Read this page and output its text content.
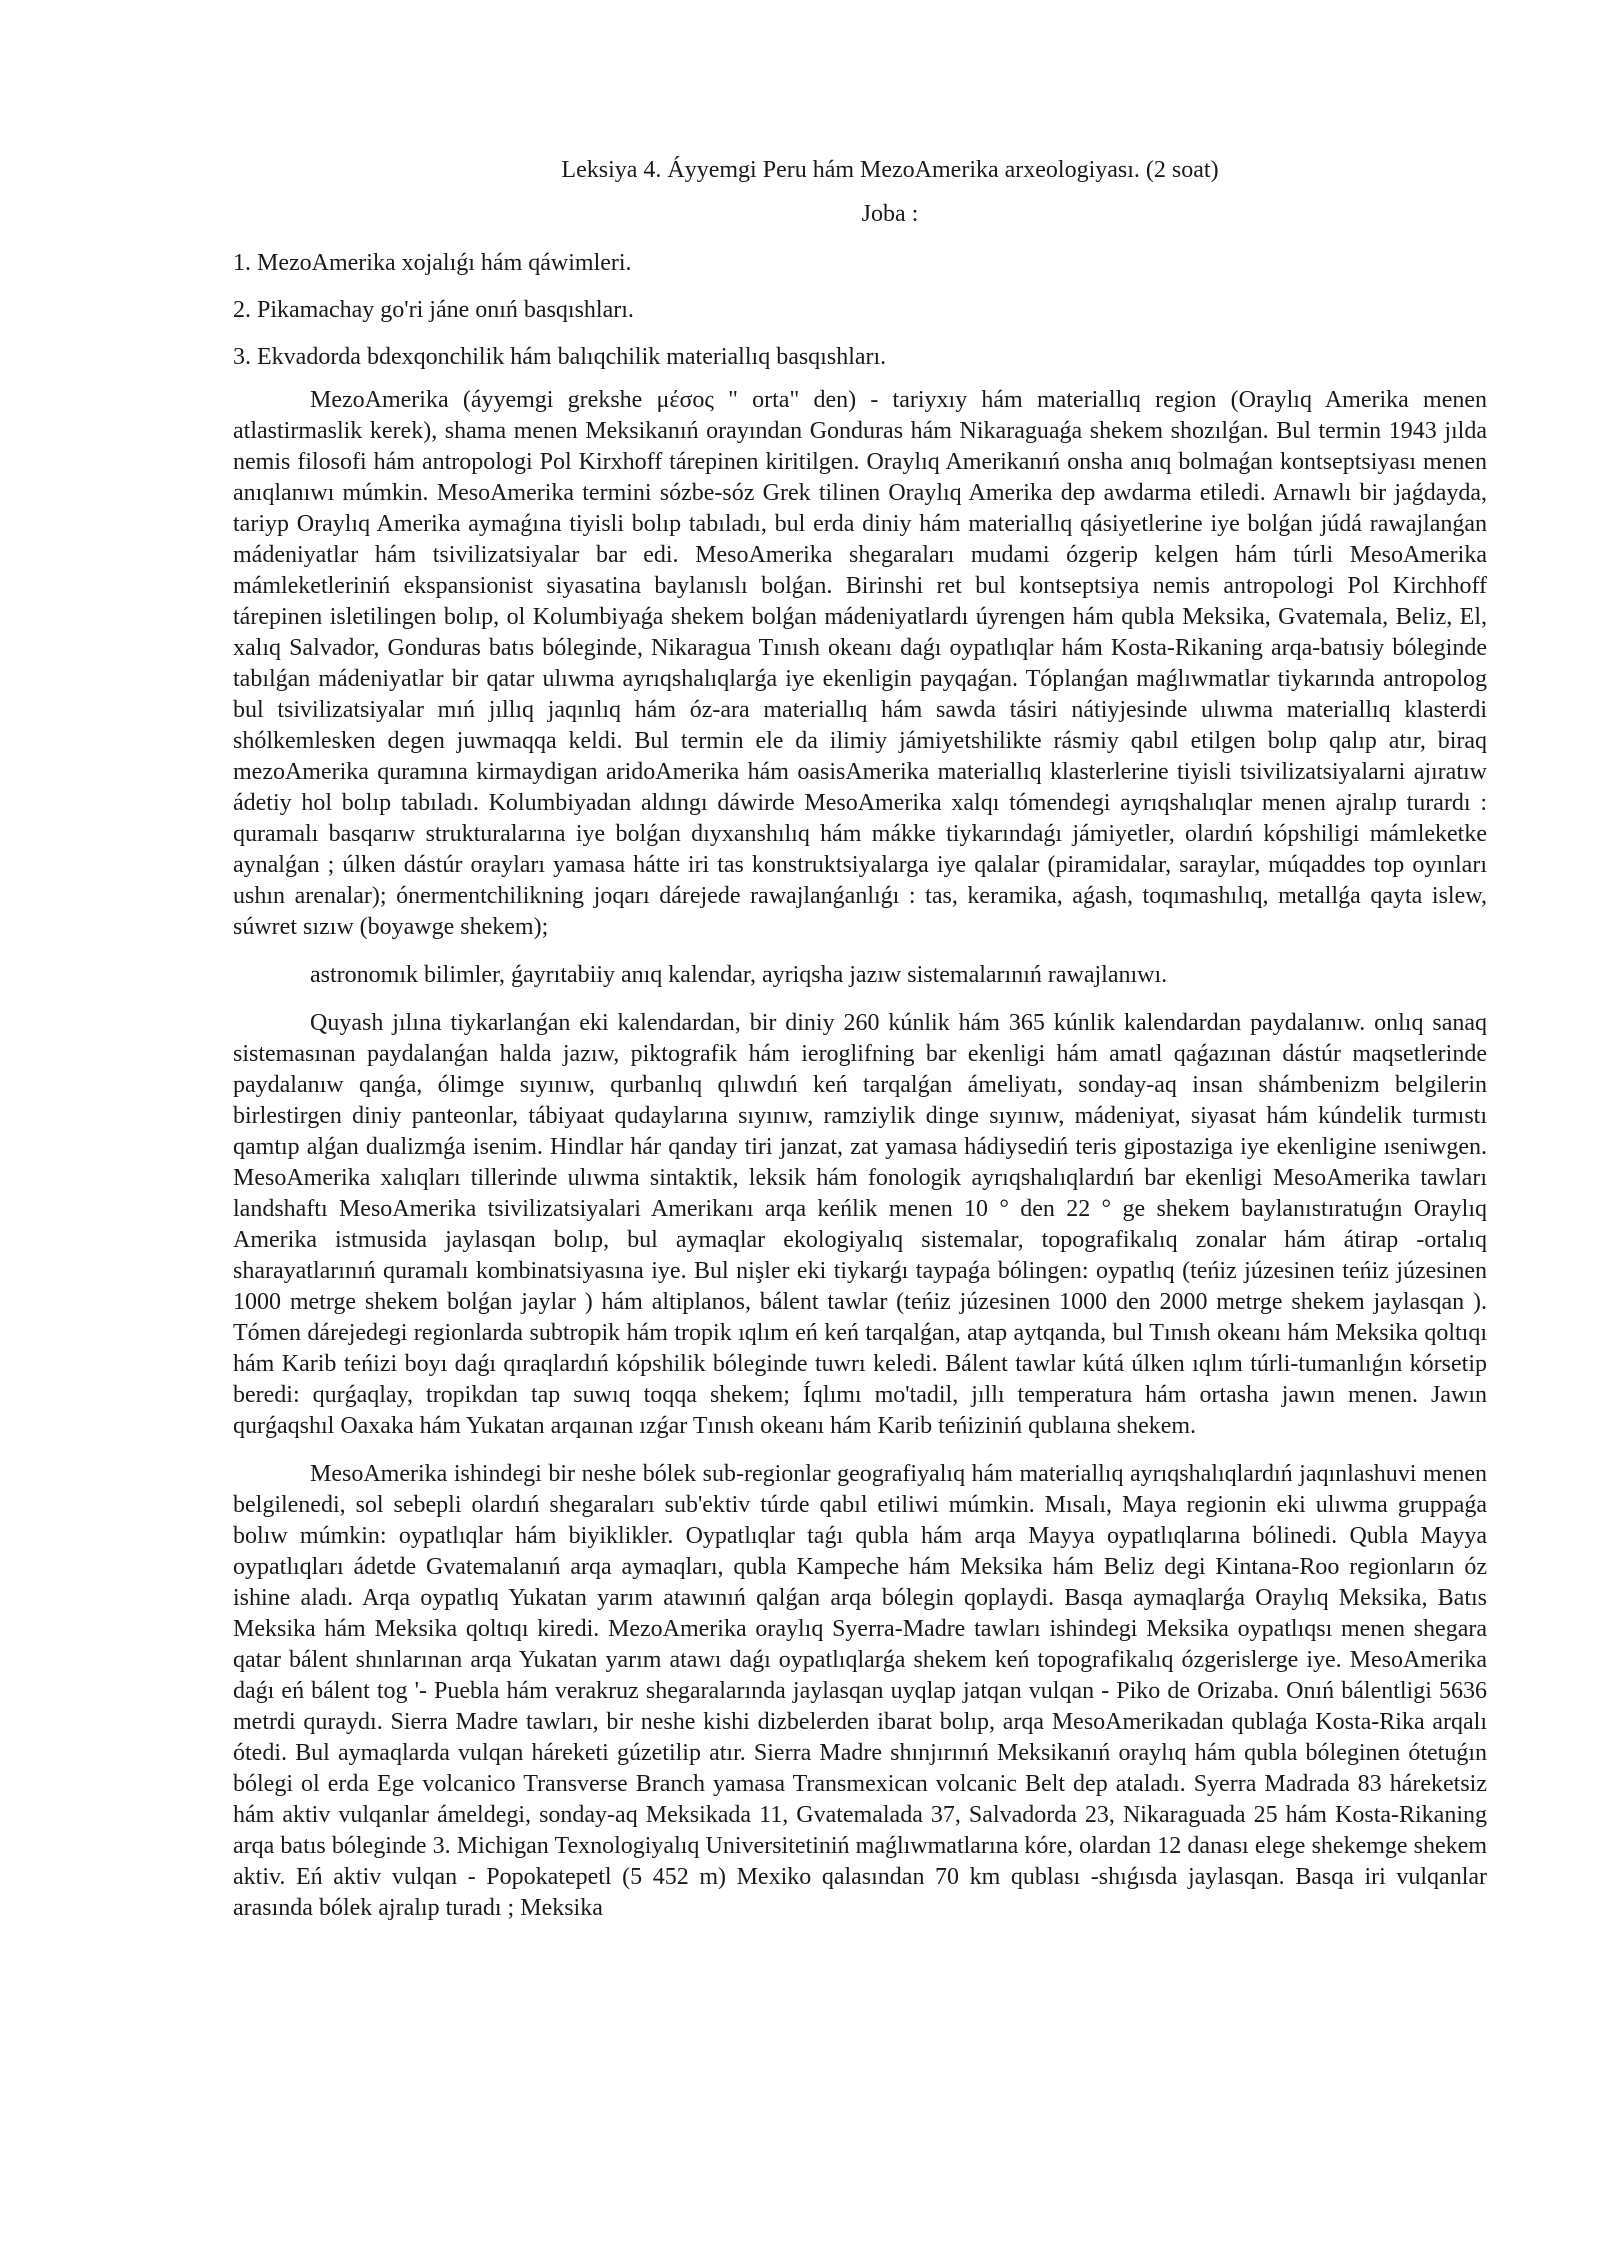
Leksiya 4. Áyyemgi Peru hám MezoAmerika arxeologiyası. (2 soat)

Joba :

1. MezoAmerika xojalıǵı hám qáwimleri.
2. Pikamachay go'ri jáne onıń basqıshları.
3. Ekvadorda bdexqonchilik hám balıqchilik materiallıq basqıshları.

MezoAmerika (áyyemgi grekshe μέσος " orta" den) - tariyxıy hám materiallıq region (Oraylıq Amerika menen atlastirmaslik kerek), shama menen Meksikanıń orayından Gonduras hám Nikaraguaǵa shekem shozılǵan. Bul termin 1943 jılda nemis filosofi hám antropologi Pol Kirxhoff tárepinen kiritilgen. Oraylıq Amerikanıń onsha anıq bolmaǵan kontseptsiyası menen anıqlanıwı múmkin. MesoAmerika termini sózbe-sóz Grek tilinen Oraylıq Amerika dep awdarma etiledi. Arnawlı bir jaǵdayda, tariyp Oraylıq Amerika aymaǵına tiyisli bolıp tabıladı, bul erda diniy hám materiallıq qásiyetlerine iye bolǵan júdá rawajlanǵan mádeniyatlar hám tsivilizatsiyalar bar edi. MesoAmerika shegaraları mudami ózgerip kelgen hám túrli MesoAmerika mámleketleriniń ekspansionist siyasatina baylanıslı bolǵan. Birinshi ret bul kontseptsiya nemis antropologi Pol Kirchhoff tárepinen isletilingen bolıp, ol Kolumbiyaǵa shekem bolǵan mádeniyatlardı úyrengen hám qubla Meksika, Gvatemala, Beliz, El, xalıq Salvador, Gonduras batıs bóleginde, Nikaragua Tınısh okeanı daǵı oypatlıqlar hám Kosta-Rikaning arqa-batısiy bóleginde tabılǵan mádeniyatlar bir qatar ulıwma ayrıqshalıqlarǵa iye ekenligin payqaǵan. Tóplanǵan maǵlıwmatlar tiykarında antropolog bul tsivilizatsiyalar mıń jıllıq jaqınlıq hám óz-ara materiallıq hám sawda tásiri nátiyjesinde ulıwma materiallıq klasterdi shólkemlesken degen juwmaqqa keldi. Bul termin ele da ilimiy jámiyetshilikte rásmiy qabıl etilgen bolıp qalıp atır, biraq mezoAmerika quramına kirmaydigan aridoAmerika hám oasisAmerika materiallıq klasterlerine tiyisli tsivilizatsiyalarni ajıratıw ádetiy hol bolıp tabıladı. Kolumbiyadan aldıngı dáwirde MesoAmerika xalqı tómendegi ayrıqshalıqlar menen ajralıp turardı : quramalı basqarıw strukturalarına iye bolǵan dıyxanshılıq hám mákke tiykarındaǵı jámiyetler, olardıń kópshiligi mámleketke aynalǵan ; úlken dástúr orayları yamasa hátte iri tas konstruktsiyalarga iye qalalar (piramidalar, saraylar, múqaddes top oyınları ushın arenalar); ónermentchilikning joqarı dárejede rawajlanǵanlıǵı : tas, keramika, aǵash, toqımashılıq, metallǵa qayta islew, súwret sızıw (boyawge shekem);

astronomık bilimler, ǵayrıtabiiy anıq kalendar, ayriqsha jazıw sistemalarınıń rawajlanıwı.

Quyash jılına tiykarlanǵan eki kalendardan, bir diniy 260 kúnlik hám 365 kúnlik kalendardan paydalanıw. onlıq sanaq sistemasınan paydalanǵan halda jazıw, piktografik hám ieroglifning bar ekenligi hám amatl qaǵazınan dástúr maqsetlerinde paydalanıw qanǵa, ólimge sıyınıw, qurbanlıq qılıwdıń keń tarqalǵan ámeliyatı, sonday-aq insan shámbenizm belgilerin birlestirgen diniy panteonlar, tábiyaat qudaylarına sıyınıw, ramziylik dinge sıyınıw, mádeniyat, siyasat hám kúndelik turmıstı qamtıp alǵan dualizmǵa isenim. Hindlar hár qanday tiri janzat, zat yamasa hádiysediń teris gipostaziga iye ekenligine ıseniwgen. MesoAmerika xalıqları tillerinde ulıwma sintaktik, leksik hám fonologik ayrıqshalıqlardıń bar ekenligi MesoAmerika tawları landshaftı MesoAmerika tsivilizatsiyalari Amerikanı arqa keńlik menen 10 ° den 22 ° ge shekem baylanıstıratuǵın Oraylıq Amerika istmusida jaylasqan bolıp, bul aymaqlar ekologiyalıq sistemalar, topografikalıq zonalar hám átirap -ortalıq sharayatlarınıń quramalı kombinatsiyasına iye. Bul nişler eki tiykarǵı taypaǵa bólingen: oypatlıq (teńiz júzesinen teńiz júzesinen 1000 metrge shekem bolǵan jaylar ) hám altiplanos, bálent tawlar (teńiz júzesinen 1000 den 2000 metrge shekem jaylasqan ). Tómen dárejedegi regionlarda subtropik hám tropik ıqlım eń keń tarqalǵan, atap aytqanda, bul Tınısh okeanı hám Meksika qoltıqı hám Karib teńizi boyı daǵı qıraqlardıń kópshilik bóleginde tuwrı keledi. Bálent tawlar kútá úlken ıqlım túrli-tumanlıǵın kórsetip beredi: qurǵaqlay, tropikdan tap suwıq toqqa shekem; Íqlımı mo'tadil, jıllı temperatura hám ortasha jawın menen. Jawın qurǵaqshıl Oaxaka hám Yukatan arqaınan ızǵar Tınısh okeanı hám Karib teńiziniń qublaına shekem.

MesoAmerika ishindegi bir neshe bólek sub-regionlar geografiyalıq hám materiallıq ayrıqshalıqlardıń jaqınlashuvi menen belgilenedi, sol sebepli olardıń shegaraları sub'ektiv túrde qabıl etiliwi múmkin. Mısalı, Maya regionin eki ulıwma gruppaǵa bolıw múmkin: oypatlıqlar hám biyiklikler. Oypatlıqlar taǵı qubla hám arqa Mayya oypatlıqlarına bólinedi. Qubla Mayya oypatlıqları ádetde Gvatemalanıń arqa aymaqları, qubla Kampeche hám Meksika hám Beliz degi Kintana-Roo regionların óz ishine aladı. Arqa oypatlıq Yukatan yarım atawınıń qalǵan arqa bólegin qoplaydi. Basqa aymaqlarǵa Oraylıq Meksika, Batıs Meksika hám Meksika qoltıqı kiredi. MezoAmerika oraylıq Syerra-Madre tawları ishindegi Meksika oypatlıqsı menen shegara qatar bálent shınlarınan arqa Yukatan yarım atawı daǵı oypatlıqlarǵa shekem keń topografikalıq ózgerislerge iye. MesoAmerika daǵı eń bálent tog '- Puebla hám verakruz shegaralarında jaylasqan uyqlap jatqan vulqan - Piko de Orizaba. Onıń bálentligi 5636 metrdi quraydı. Sierra Madre tawları, bir neshe kishi dizbelerden ibarat bolıp, arqa MesoAmerikadan qublaǵa Kosta-Rika arqalı ótedi. Bul aymaqlarda vulqan háreketi gúzetilip atır. Sierra Madre shınjırınıń Meksikanıń oraylıq hám qubla bóleginen ótetuǵın bólegi ol erda Ege volcanico Transverse Branch yamasa Transmexican volcanic Belt dep ataladı. Syerra Madrada 83 háreketsiz hám aktiv vulqanlar ámeldegi, sonday-aq Meksikada 11, Gvatemalada 37, Salvadorda 23, Nikaraguada 25 hám Kosta-Rikaning arqa batıs bóleginde 3. Michigan Texnologiyalıq Universitetiniń maǵlıwmatlarına kóre, olardan 12 danası elege shekemge shekem aktiv. Eń aktiv vulqan - Popokatepetl (5 452 m) Mexiko qalasından 70 km qublası -shıǵısda jaylasqan. Basqa iri vulqanlar arasında bólek ajralıp turadı ; Meksika
